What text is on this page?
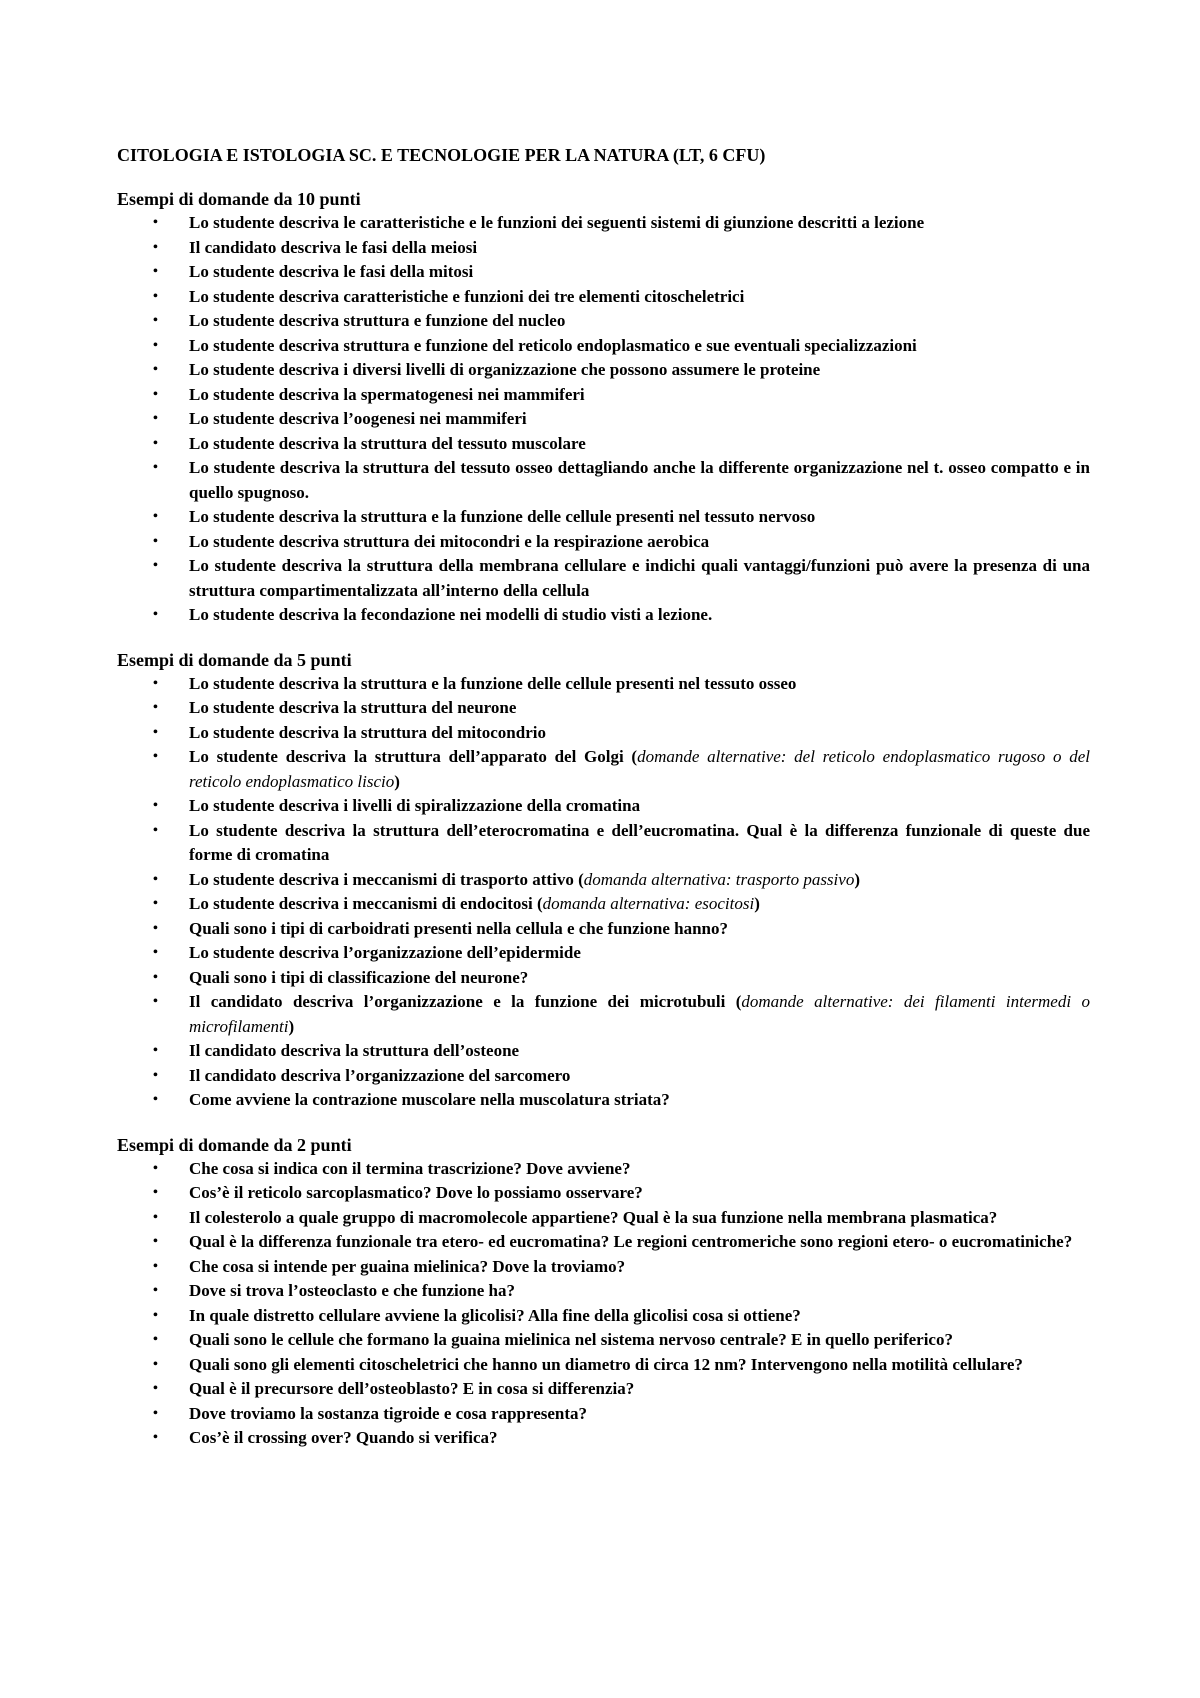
CITOLOGIA E ISTOLOGIA SC. E TECNOLOGIE PER LA NATURA (LT, 6 CFU)
Esempi di domande da 10 punti
• Lo studente descriva le caratteristiche e le funzioni dei seguenti sistemi di giunzione descritti a lezione
• Il candidato descriva le fasi della meiosi
• Lo studente descriva le fasi della mitosi
• Lo studente descriva caratteristiche e funzioni dei tre elementi citoscheletrici
• Lo studente descriva struttura e funzione del nucleo
• Lo studente descriva struttura e funzione del reticolo endoplasmatico e sue eventuali specializzazioni
• Lo studente descriva i diversi livelli di organizzazione che possono assumere le proteine
• Lo studente descriva la spermatogenesi nei mammiferi
• Lo studente descriva l’oogenesi nei mammiferi
• Lo studente descriva la struttura del tessuto muscolare
• Lo studente descriva la struttura del tessuto osseo dettagliando anche la differente organizzazione nel t. osseo compatto e in quello spugnoso.
• Lo studente descriva la struttura e la funzione delle cellule presenti nel tessuto nervoso
• Lo studente descriva struttura dei mitocondri e la respirazione aerobica
• Lo studente descriva la struttura della membrana cellulare e indichi quali vantaggi/funzioni può avere la presenza di una struttura compartimentalizzata all’interno della cellula
• Lo studente descriva la fecondazione nei modelli di studio visti a lezione.
Esempi di domande da 5 punti
• Lo studente descriva la struttura e la funzione delle cellule presenti nel tessuto osseo
• Lo studente descriva la struttura del neurone
• Lo studente descriva la struttura del mitocondrio
• Lo studente descriva la struttura dell’apparato del Golgi (domande alternative: del reticolo endoplasmatico rugoso o del reticolo endoplasmatico liscio)
• Lo studente descriva i livelli di spiralizzazione della cromatina
• Lo studente descriva la struttura dell’eterocromatina e dell’eucromatina. Qual è la differenza funzionale di queste due forme di cromatina
• Lo studente descriva i meccanismi di trasporto attivo (domanda alternativa: trasporto passivo)
• Lo studente descriva i meccanismi di endocitosi (domanda alternativa: esocitosi)
• Quali sono i tipi di carboidrati presenti nella cellula e che funzione hanno?
• Lo studente descriva l’organizzazione dell’epidermide
• Quali sono i tipi di classificazione del neurone?
• Il candidato descriva l’organizzazione e la funzione dei microtubuli (domande alternative: dei filamenti intermedi o microfilamenti)
• Il candidato descriva la struttura dell’osteone
• Il candidato descriva l’organizzazione del sarcomero
• Come avviene la contrazione muscolare nella muscolatura striata?
Esempi di domande da 2 punti
• Che cosa si indica con il termina trascrizione? Dove avviene?
• Cos’è il reticolo sarcoplasmatico? Dove lo possiamo osservare?
• Il colesterolo a quale gruppo di macromolecole appartiene? Qual è la sua funzione nella membrana plasmatica?
• Qual è la differenza funzionale tra etero- ed eucromatina? Le regioni centromeriche sono regioni etero- o eucromatiniche?
• Che cosa si intende per guaina mielinica? Dove la troviamo?
• Dove si trova l’osteoclasto e che funzione ha?
• In quale distretto cellulare avviene la glicolisi? Alla fine della glicolisi cosa si ottiene?
• Quali sono le cellule che formano la guaina mielinica nel sistema nervoso centrale? E in quello periferico?
• Quali sono gli elementi citoscheletrici che hanno un diametro di circa 12 nm? Intervengono nella motilità cellulare?
• Qual è il precursore dell’osteoblasto? E in cosa si differenzia?
• Dove troviamo la sostanza tigroide e cosa rappresenta?
• Cos’è il crossing over? Quando si verifica?
